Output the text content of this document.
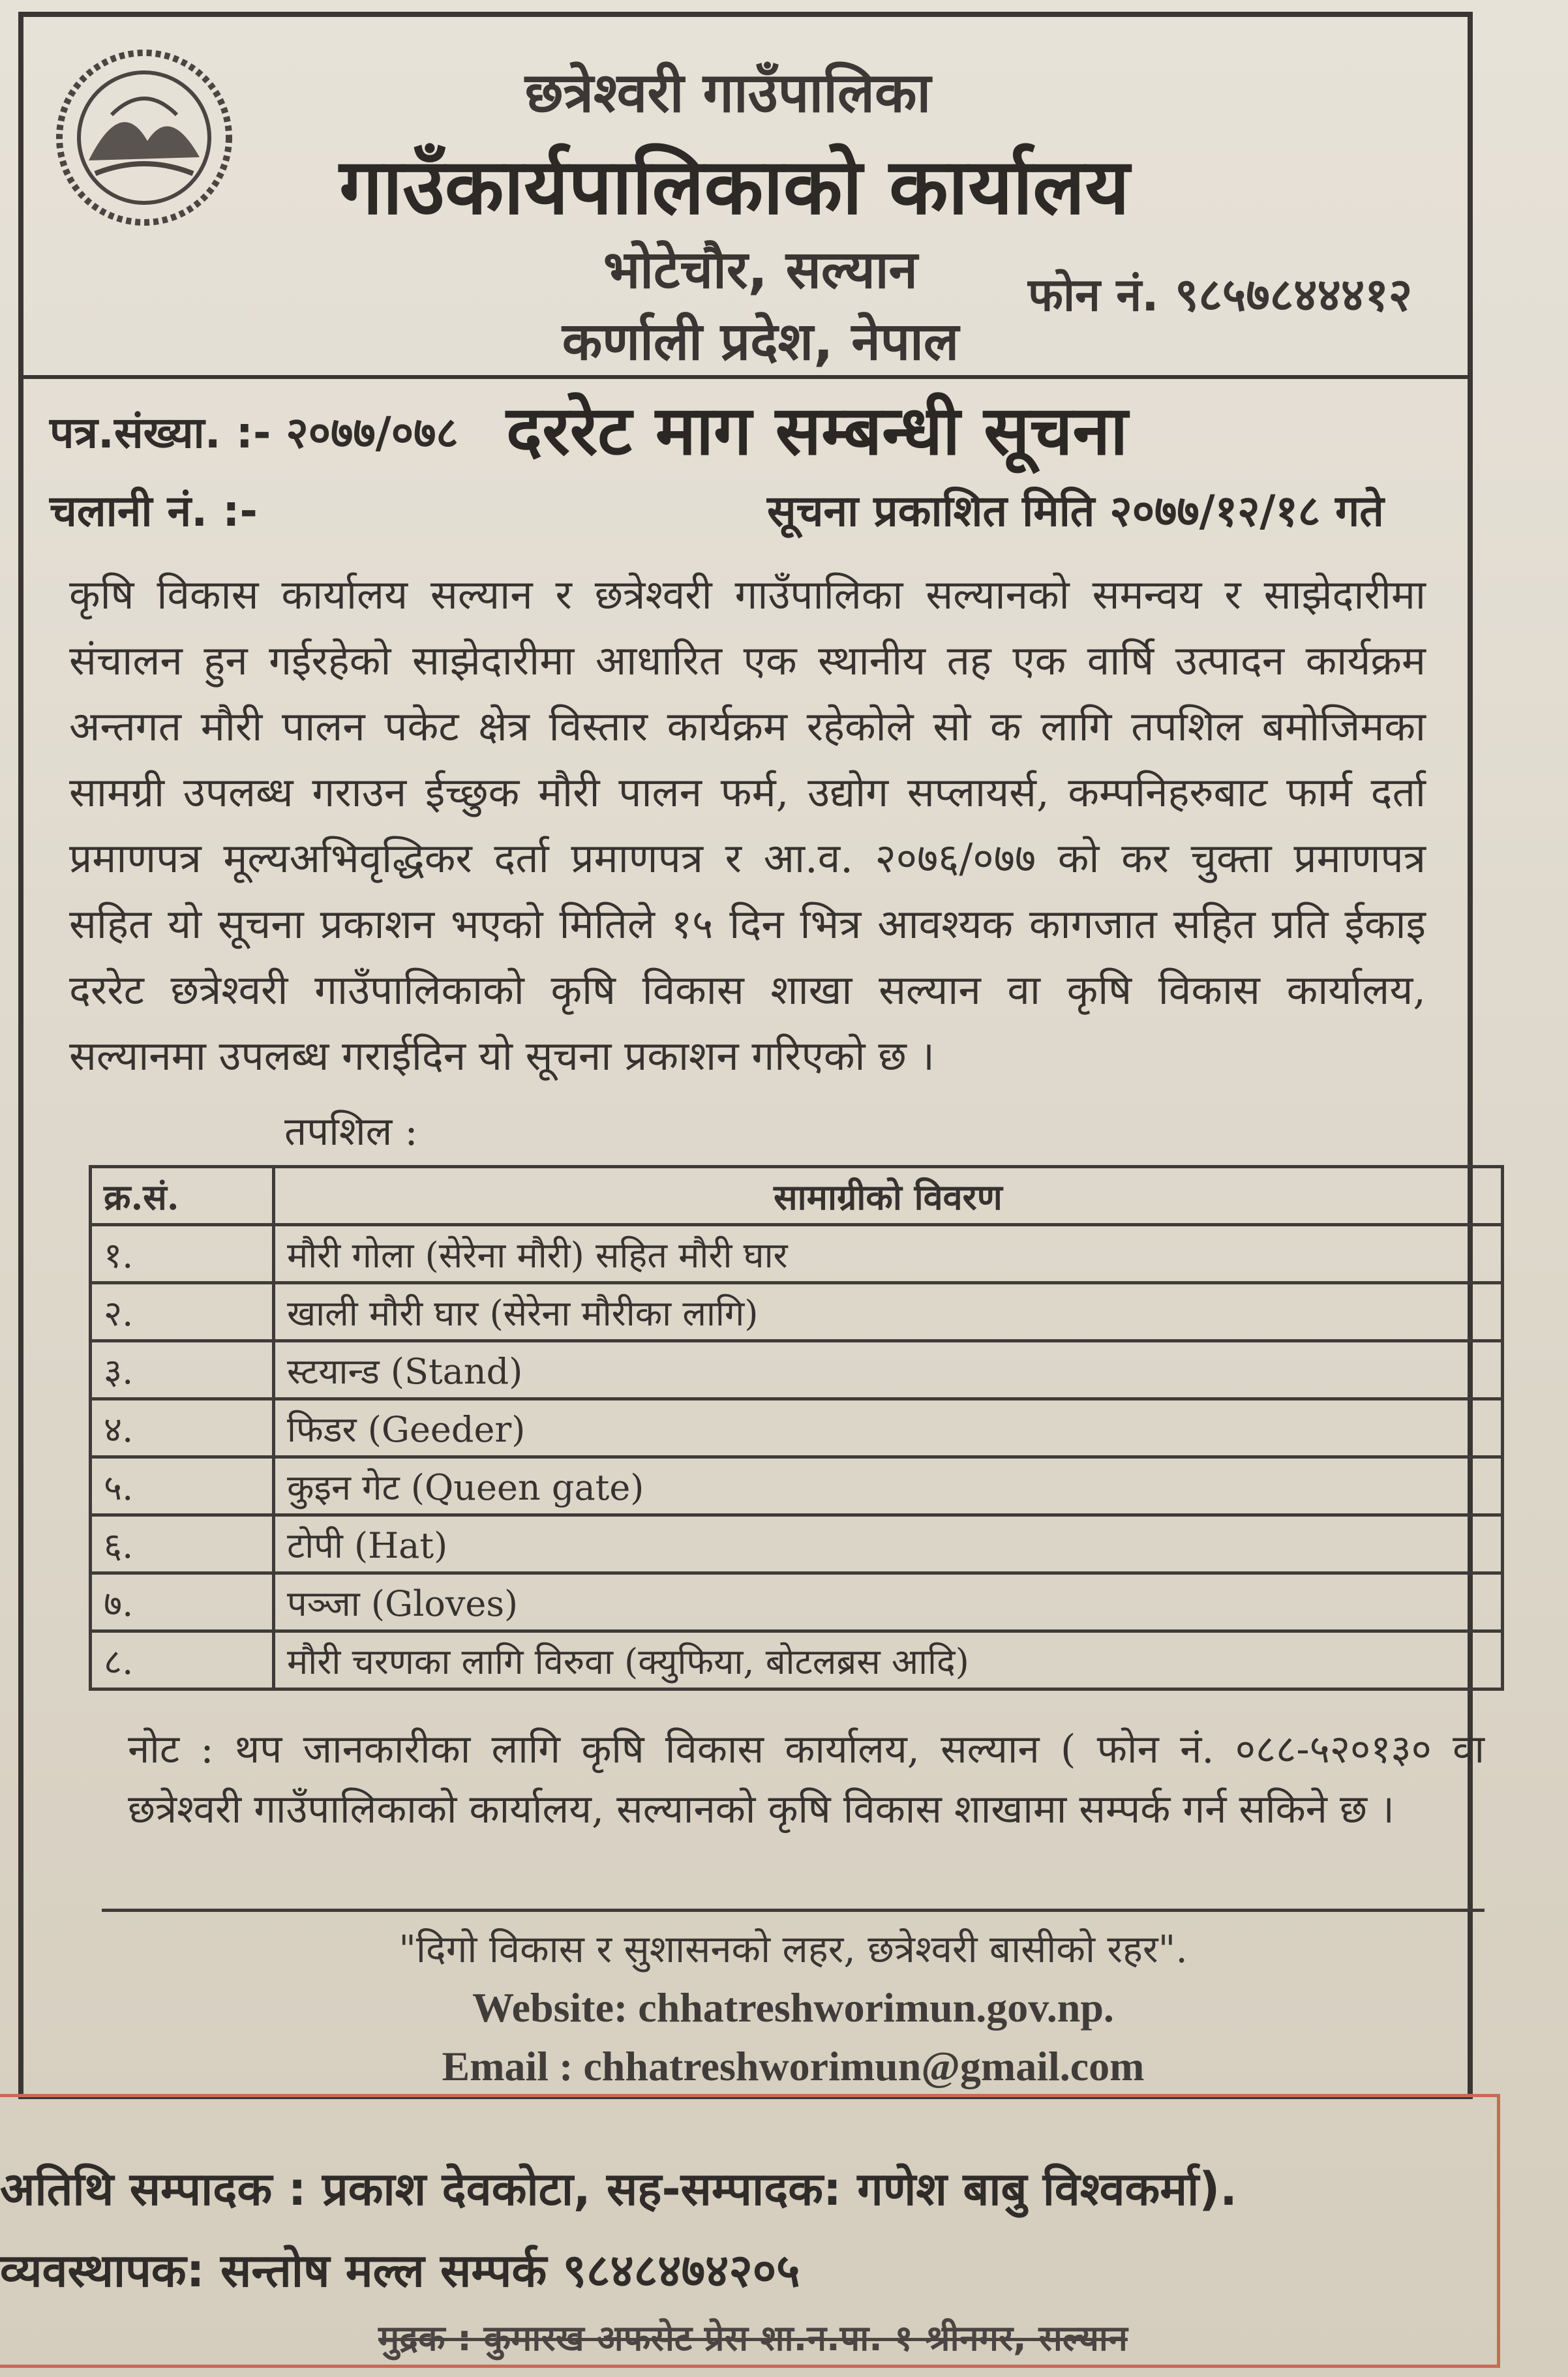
छत्रेश्वरी गाउँपालिका
गाउँकार्यपालिकाको कार्यालय
भोटेचौर, सल्यान
कर्णाली प्रदेश, नेपाल
फोन नं. ९८५७८४४४१२
पत्र.संख्या. :- २०७७/०७८
चलानी नं. :-
दररेट माग सम्बन्धी सूचना
सूचना प्रकाशित मिति २०७७/१२/१८ गते
कृषि विकास कार्यालय सल्यान र छत्रेश्वरी गाउँपालिका सल्यानको समन्वय र साझेदारीमा संचालन हुन गईरहेको साझेदारीमा आधारित एक स्थानीय तह एक वार्षि उत्पादन कार्यक्रम अन्तगत मौरी पालन पकेट क्षेत्र विस्तार कार्यक्रम रहेकोले सो क लागि तपशिल बमोजिमका सामग्री उपलब्ध गराउन ईच्छुक मौरी पालन फर्म, उद्योग सप्लायर्स, कम्पनिहरुबाट फार्म दर्ता प्रमाणपत्र मूल्यअभिवृद्धिकर दर्ता प्रमाणपत्र र आ.व. २०७६/०७७ को कर चुक्ता प्रमाणपत्र सहित यो सूचना प्रकाशन भएको मितिले १५ दिन भित्र आवश्यक कागजात सहित प्रति ईकाइ दररेट छत्रेश्वरी गाउँपालिकाको कृषि विकास शाखा सल्यान वा कृषि विकास कार्यालय, सल्यानमा उपलब्ध गराईदिन यो सूचना प्रकाशन गरिएको छ ।
तपशिल :
क्र.सं.	सामाग्रीको विवरण
१.	मौरी गोला (सेरेना मौरी) सहित मौरी घार
२.	खाली मौरी घार (सेरेना मौरीका लागि)
३.	स्टयान्ड (Stand)
४.	फिडर (Geeder)
५.	कुइन गेट (Queen gate)
६.	टोपी (Hat)
७.	पञ्जा (Gloves)
८.	मौरी चरणका लागि विरुवा (क्युफिया, बोटलब्रस आदि)
नोट : थप जानकारीका लागि कृषि विकास कार्यालय, सल्यान ( फोन नं. ०८८-५२०१३० वा छत्रेश्वरी गाउँपालिकाको कार्यालय, सल्यानको कृषि विकास शाखामा सम्पर्क गर्न सकिने छ ।
"दिगो विकास र सुशासनको लहर, छत्रेश्वरी बासीको रहर".
Website: chhatreshworimun.gov.np.
Email : chhatreshworimun@gmail.com
अतिथि सम्पादक : प्रकाश देवकोटा, सह-सम्पादक: गणेश बाबु विश्वकर्मा).
व्यवस्थापक: सन्तोष मल्ल सम्पर्क ९८४८४७४२०५
मुद्रक : कुमारख अफसेट प्रेस शा.न.पा. १ श्रीनगर, सल्यान
